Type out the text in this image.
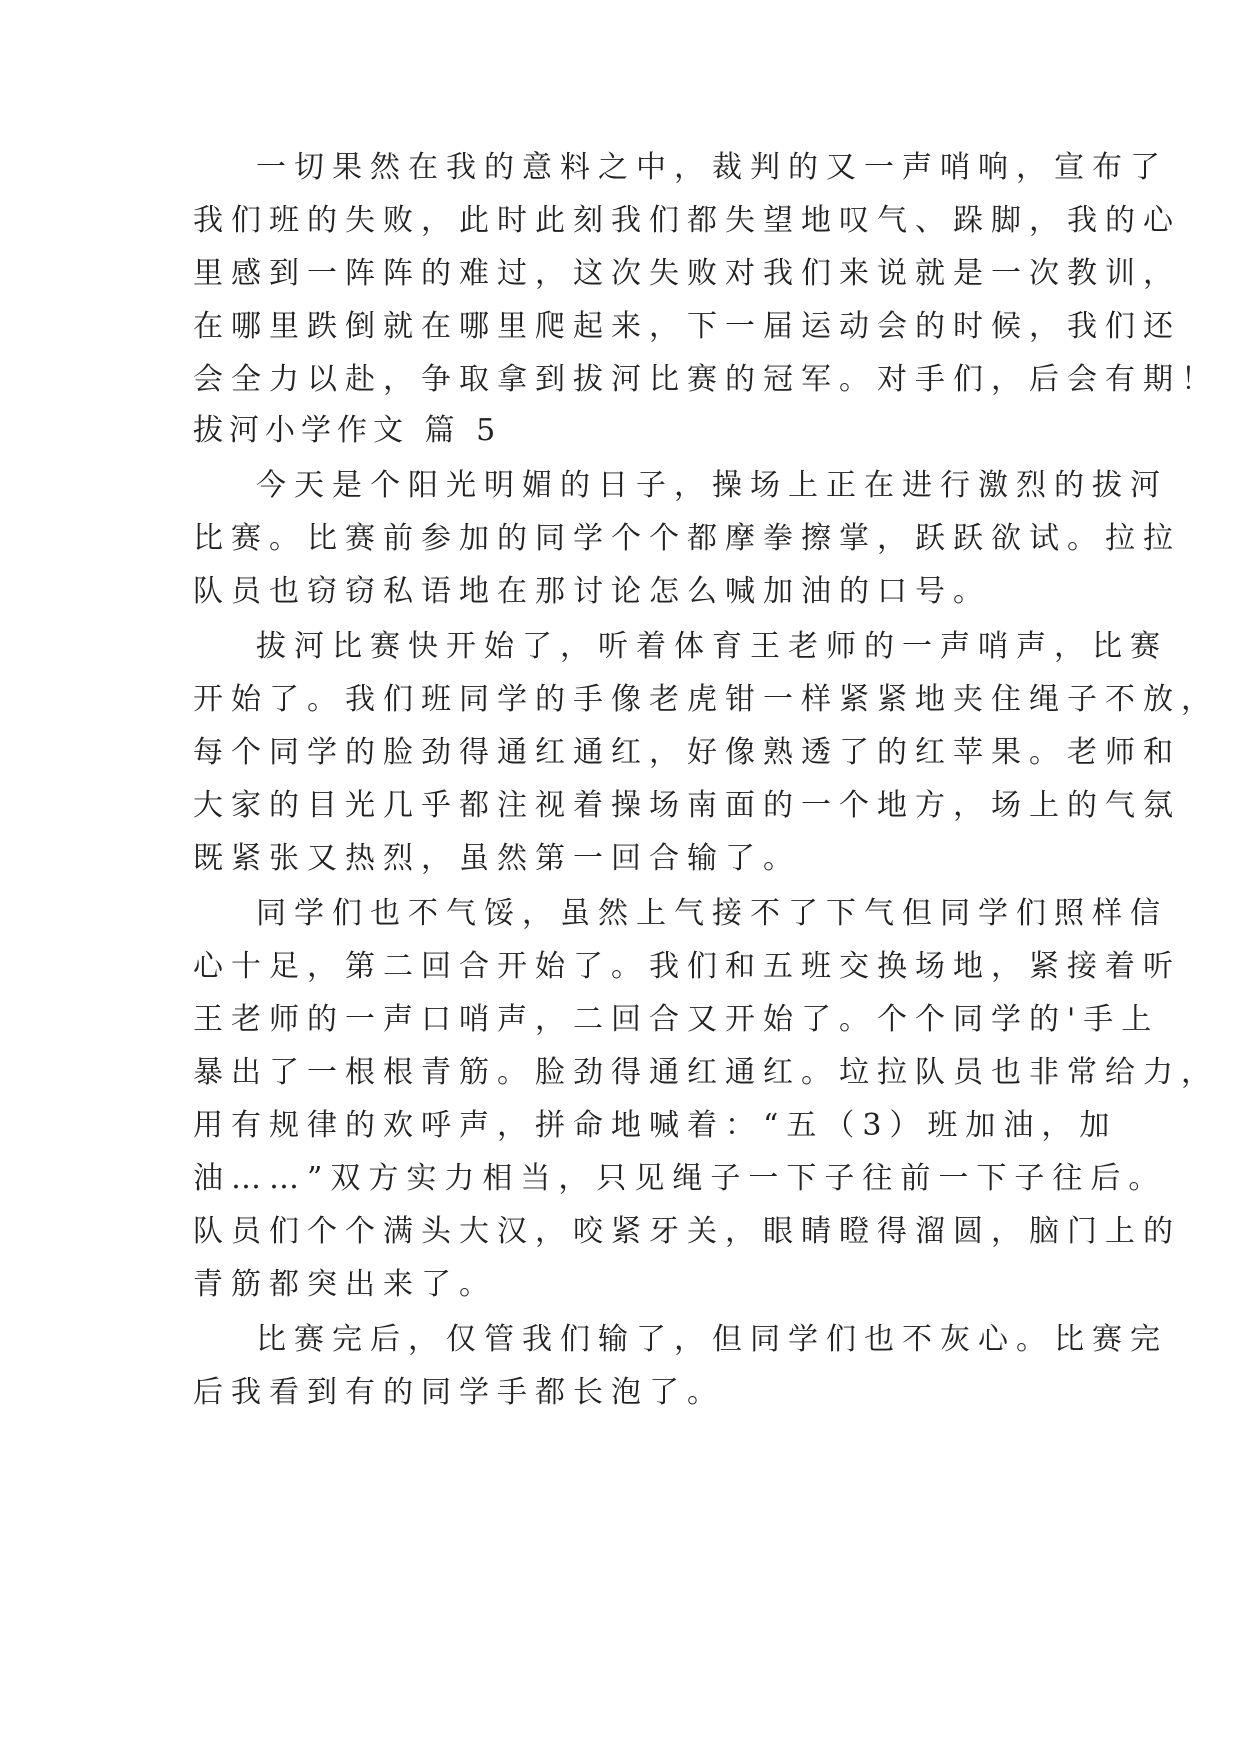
一切果然在我的意料之中，裁判的又一声哨响，宣布了
我们班的失败，此时此刻我们都失望地叹气、跺脚，我的心
里感到一阵阵的难过，这次失败对我们来说就是一次教训，
在哪里跌倒就在哪里爬起来，下一届运动会的时候，我们还
会全力以赴，争取拿到拔河比赛的冠军。对手们，后会有期！
拔河小学作文 篇 5
今天是个阳光明媚的日子，操场上正在进行激烈的拔河
比赛。比赛前参加的同学个个都摩拳擦掌，跃跃欲试。拉拉
队员也窃窃私语地在那讨论怎么喊加油的口号。
拔河比赛快开始了，听着体育王老师的一声哨声，比赛
开始了。我们班同学的手像老虎钳一样紧紧地夹住绳子不放，
每个同学的脸劲得通红通红，好像熟透了的红苹果。老师和
大家的目光几乎都注视着操场南面的一个地方，场上的气氛
既紧张又热烈，虽然第一回合输了。
同学们也不气馁，虽然上气接不了下气但同学们照样信
心十足，第二回合开始了。我们和五班交换场地，紧接着听
王老师的一声口哨声，二回合又开始了。个个同学的'手上
暴出了一根根青筋。脸劲得通红通红。垃拉队员也非常给力，
用有规律的欢呼声，拼命地喊着：“五（3）班加油，加
油……”双方实力相当，只见绳子一下子往前一下子往后。
队员们个个满头大汉，咬紧牙关，眼睛瞪得溜圆，脑门上的
青筋都突出来了。
比赛完后，仅管我们输了，但同学们也不灰心。比赛完
后我看到有的同学手都长泡了。
